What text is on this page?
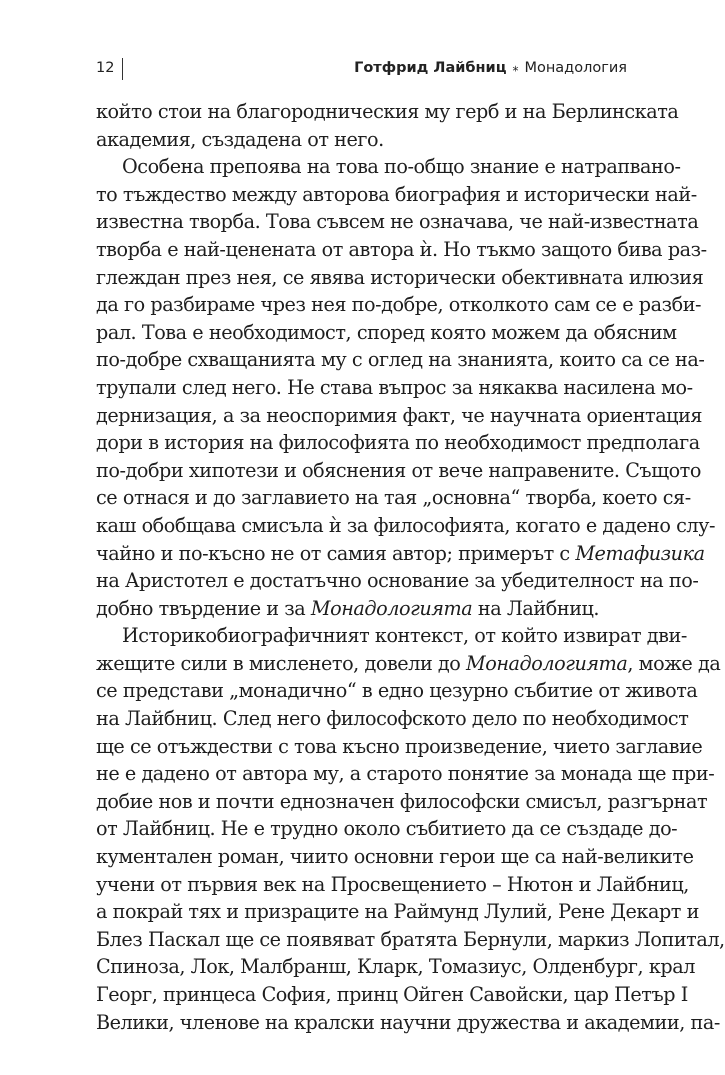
12	Готфрид Лайбниц ⁎ Монадология
който стои на благородническия му герб и на Берлинската
академия, създадена от него.
Особена препоява на това по-общо знание е натрапвано-
то тъждество между авторова биография и исторически най-
известна творба. Това съвсем не означава, че най-известната
творба е най-ценената от автора ѝ. Но тъкмо защото бива раз-
глеждан през нея, се явява исторически обективната илюзия
да го разбираме чрез нея по-добре, отколкото сам се е разби-
рал. Това е необходимост, според която можем да обясним
по-добре схващанията му с оглед на знанията, които са се на-
трупали след него. Не става въпрос за някаква насилена мо-
дернизация, а за неоспоримия факт, че научната ориентация
дори в история на философията по необходимост предполага
по-добри хипотези и обяснения от вече направените. Същото
се отнася и до заглавието на тая „основна“ творба, което ся-
каш обобщава смисъла ѝ за философията, когато е дадено слу-
чайно и по-късно не от самия автор; примерът с Метафизика
на Аристотел е достатъчно основание за убедителност на по-
добно твърдение и за Монадологията на Лайбниц.
Историкобиографичният контекст, от който извират дви-
жещите сили в мисленето, довели до Монадологията, може да
се представи „монадично“ в едно цезурно събитие от живота
на Лайбниц. След него философското дело по необходимост
ще се отъждестви с това късно произведение, чието заглавие
не е дадено от автора му, а старото понятие за монада ще при-
добие нов и почти еднозначен философски смисъл, разгърнат
от Лайбниц. Не е трудно около събитието да се създаде до-
кументален роман, чиито основни герои ще са най-великите
учени от първия век на Просвещението – Нютон и Лайбниц,
а покрай тях и призраците на Раймунд Лулий, Рене Декарт и
Блез Паскал ще се появяват братята Бернули, маркиз Лопитал,
Спиноза, Лок, Малбранш, Кларк, Томазиус, Олденбург, крал
Георг, принцеса София, принц Ойген Савойски, цар Петър I
Велики, членове на кралски научни дружества и академии, па-
